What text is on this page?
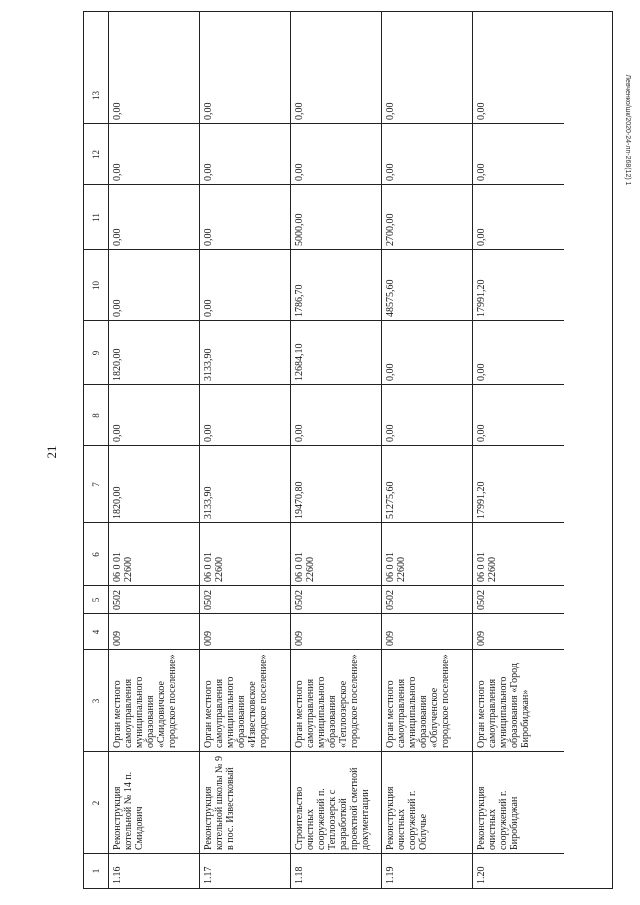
21
Левченко/шк/2020-24-лп-268(12) 1
1
2
3
4
5
6
7
8
9
10
11
12
13
1.16
Реконструкция котельной № 14 п. Смидович
Орган местного самоуправления муниципального образования «Смидовичское городское поселение»
009
0502
06 0 01 22600
1820,00
0,00
1820,00
0,00
0,00
0,00
0,00
1.17
Реконструкция котельной школы № 9 в пос. Известковый
Орган местного самоуправления муниципального образования «Известковское городское поселение»
009
0502
06 0 01 22600
3133,90
0,00
3133,90
0,00
0,00
0,00
0,00
1.18
Строительство очистных сооружений п. Теплоозерск с разработкой проектной сметной документации
Орган местного самоуправления муниципального образования «Теплоозерское городское поселение»
009
0502
06 0 01 22600
19470,80
0,00
12684,10
1786,70
5000,00
0,00
0,00
1.19
Реконструкция очистных сооружений г. Облучье
Орган местного самоуправления муниципального образования «Облученское городское поселение»
009
0502
06 0 01 22600
51275,60
0,00
0,00
48575,60
2700,00
0,00
0,00
1.20
Реконструкция очистных сооружений г. Биробиджан
Орган местного самоуправления муниципального образования «Город Биробиджан»
009
0502
06 0 01 22600
17991,20
0,00
0,00
17991,20
0,00
0,00
0,00
